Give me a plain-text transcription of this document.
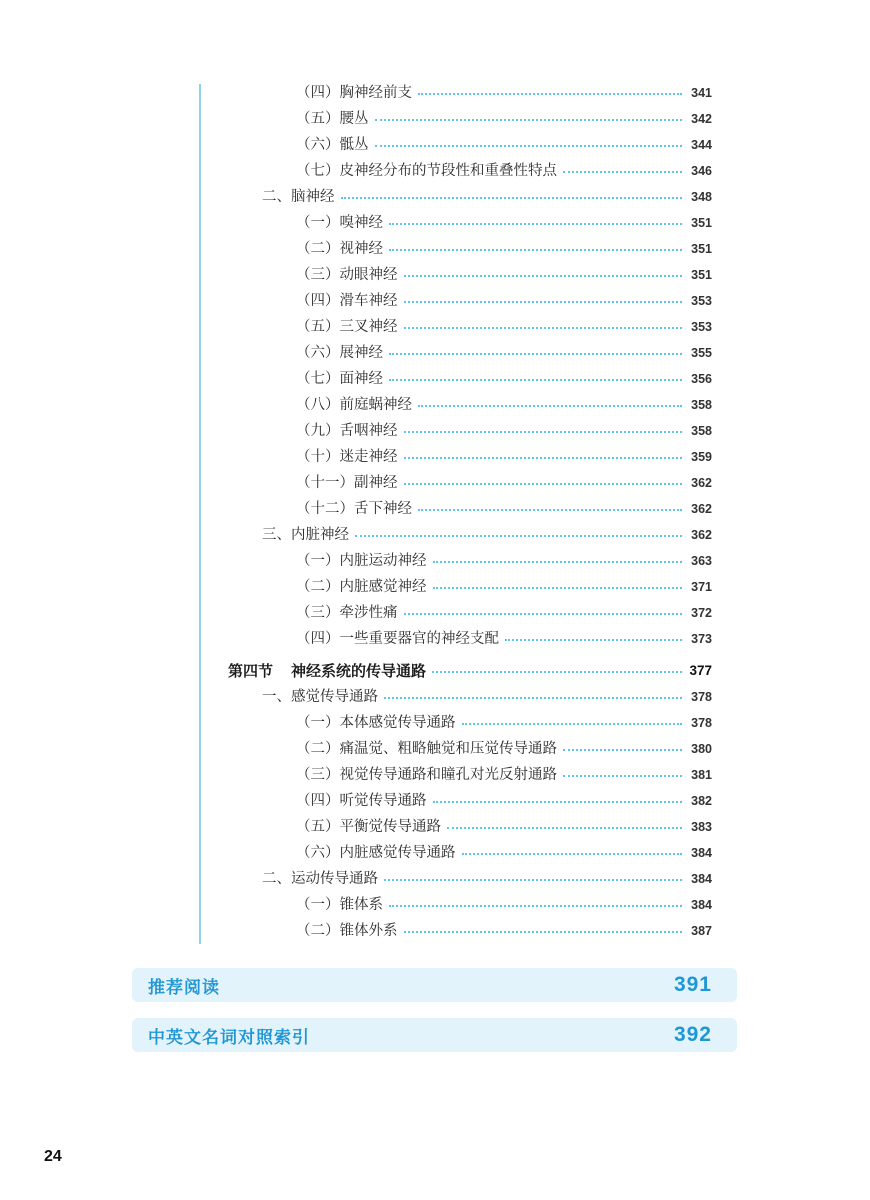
（四）胸神经前支	341
（五）腰丛	342
（六）骶丛	344
（七）皮神经分布的节段性和重叠性特点	346
二、脑神经	348
（一）嗅神经	351
（二）视神经	351
（三）动眼神经	351
（四）滑车神经	353
（五）三叉神经	353
（六）展神经	355
（七）面神经	356
（八）前庭蜗神经	358
（九）舌咽神经	358
（十）迷走神经	359
（十一）副神经	362
（十二）舌下神经	362
三、内脏神经	362
（一）内脏运动神经	363
（二）内脏感觉神经	371
（三）牵涉性痛	372
（四）一些重要器官的神经支配	373
第四节 神经系统的传导通路	377
一、感觉传导通路	378
（一）本体感觉传导通路	378
（二）痛温觉、粗略触觉和压觉传导通路	380
（三）视觉传导通路和瞳孔对光反射通路	381
（四）听觉传导通路	382
（五）平衡觉传导通路	383
（六）内脏感觉传导通路	384
二、运动传导通路	384
（一）锥体系	384
（二）锥体外系	387
推荐阅读	391
中英文名词对照索引	392
24
